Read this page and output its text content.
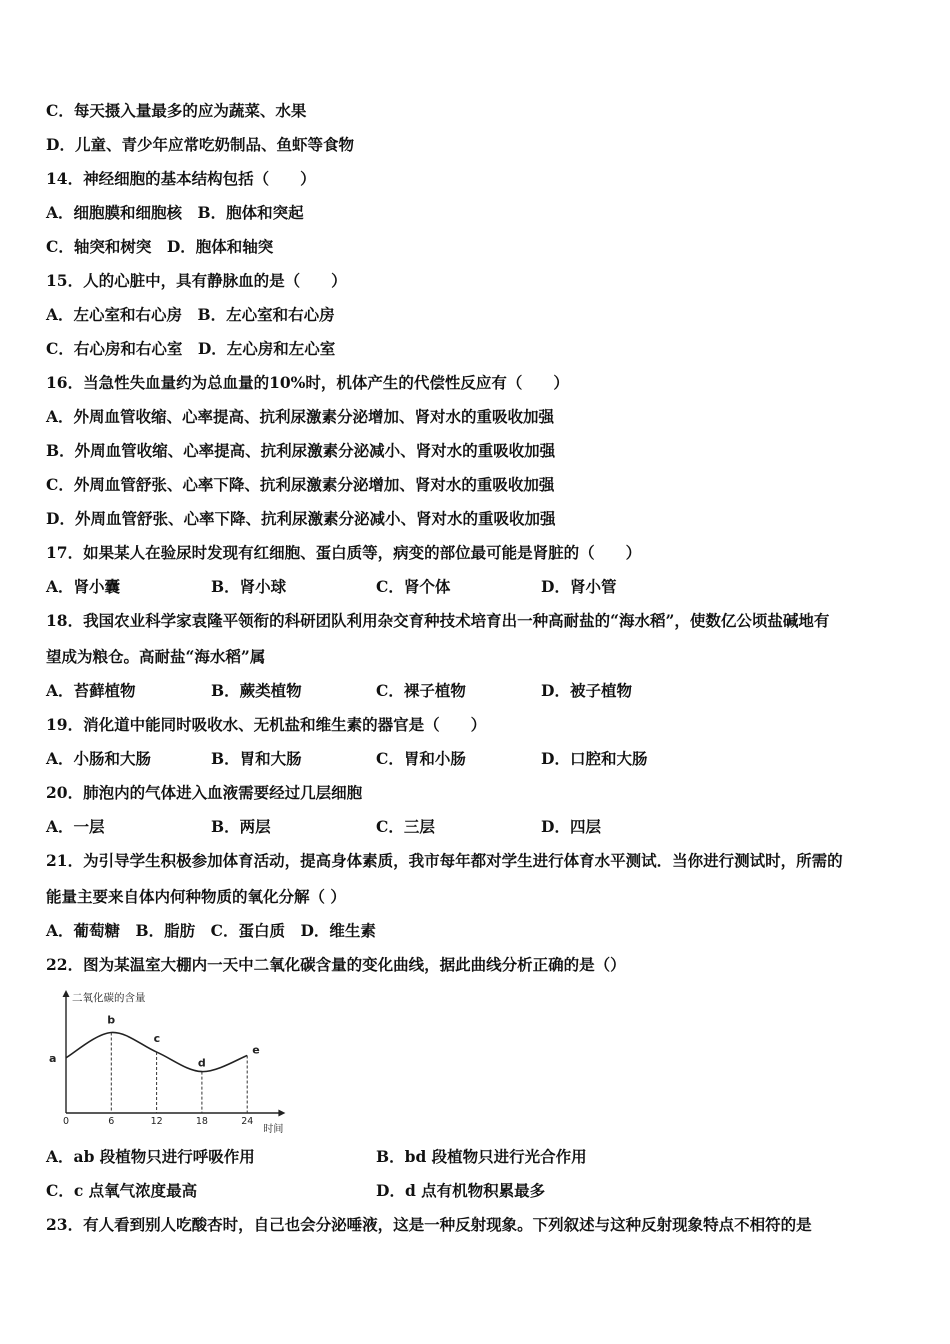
C．每天摄入量最多的应为蔬菜、水果
D．儿童、青少年应常吃奶制品、鱼虾等食物
14．神经细胞的基本结构包括（　　）
A．细胞膜和细胞核　B．胞体和突起
C．轴突和树突　D．胞体和轴突
15．人的心脏中，具有静脉血的是（　　）
A．左心室和右心房　B．左心室和右心房
C．右心房和右心室　D．左心房和左心室
16．当急性失血量约为总血量的10%时，机体产生的代偿性反应有（　　）
A．外周血管收缩、心率提高、抗利尿激素分泌增加、肾对水的重吸收加强
B．外周血管收缩、心率提高、抗利尿激素分泌减小、肾对水的重吸收加强
C．外周血管舒张、心率下降、抗利尿激素分泌增加、肾对水的重吸收加强
D．外周血管舒张、心率下降、抗利尿激素分泌减小、肾对水的重吸收加强
17．如果某人在验尿时发现有红细胞、蛋白质等，病变的部位最可能是肾脏的（　　）
A．肾小囊	B．肾小球	C．肾个体	D．肾小管
18．我国农业科学家袁隆平领衔的科研团队利用杂交育种技术培育出一种高耐盐的“海水稻”，使数亿公顷盐碱地有
望成为粮仓。高耐盐“海水稻”属
A．苔藓植物	B．蕨类植物	C．裸子植物	D．被子植物
19．消化道中能同时吸收水、无机盐和维生素的器官是（　　）
A．小肠和大肠	B．胃和大肠	C．胃和小肠	D．口腔和大肠
20．肺泡内的气体进入血液需要经过几层细胞
A．一层	B．两层	C．三层	D．四层
21．为引导学生积极参加体育活动，提高身体素质，我市每年都对学生进行体育水平测试．当你进行测试时，所需的
能量主要来自体内何种物质的氧化分解（ ）
A．葡萄糖　B．脂肪　C．蛋白质　D．维生素
22．图为某温室大棚内一天中二氧化碳含量的变化曲线，据此曲线分析正确的是（）
二氧化碳的含量
时间
0	6	12	18	24
a
b
c
d
e
A．ab 段植物只进行呼吸作用	B．bd 段植物只进行光合作用
C．c 点氧气浓度最高	D．d 点有机物积累最多
23．有人看到别人吃酸杏时，自己也会分泌唾液，这是一种反射现象。下列叙述与这种反射现象特点不相符的是
